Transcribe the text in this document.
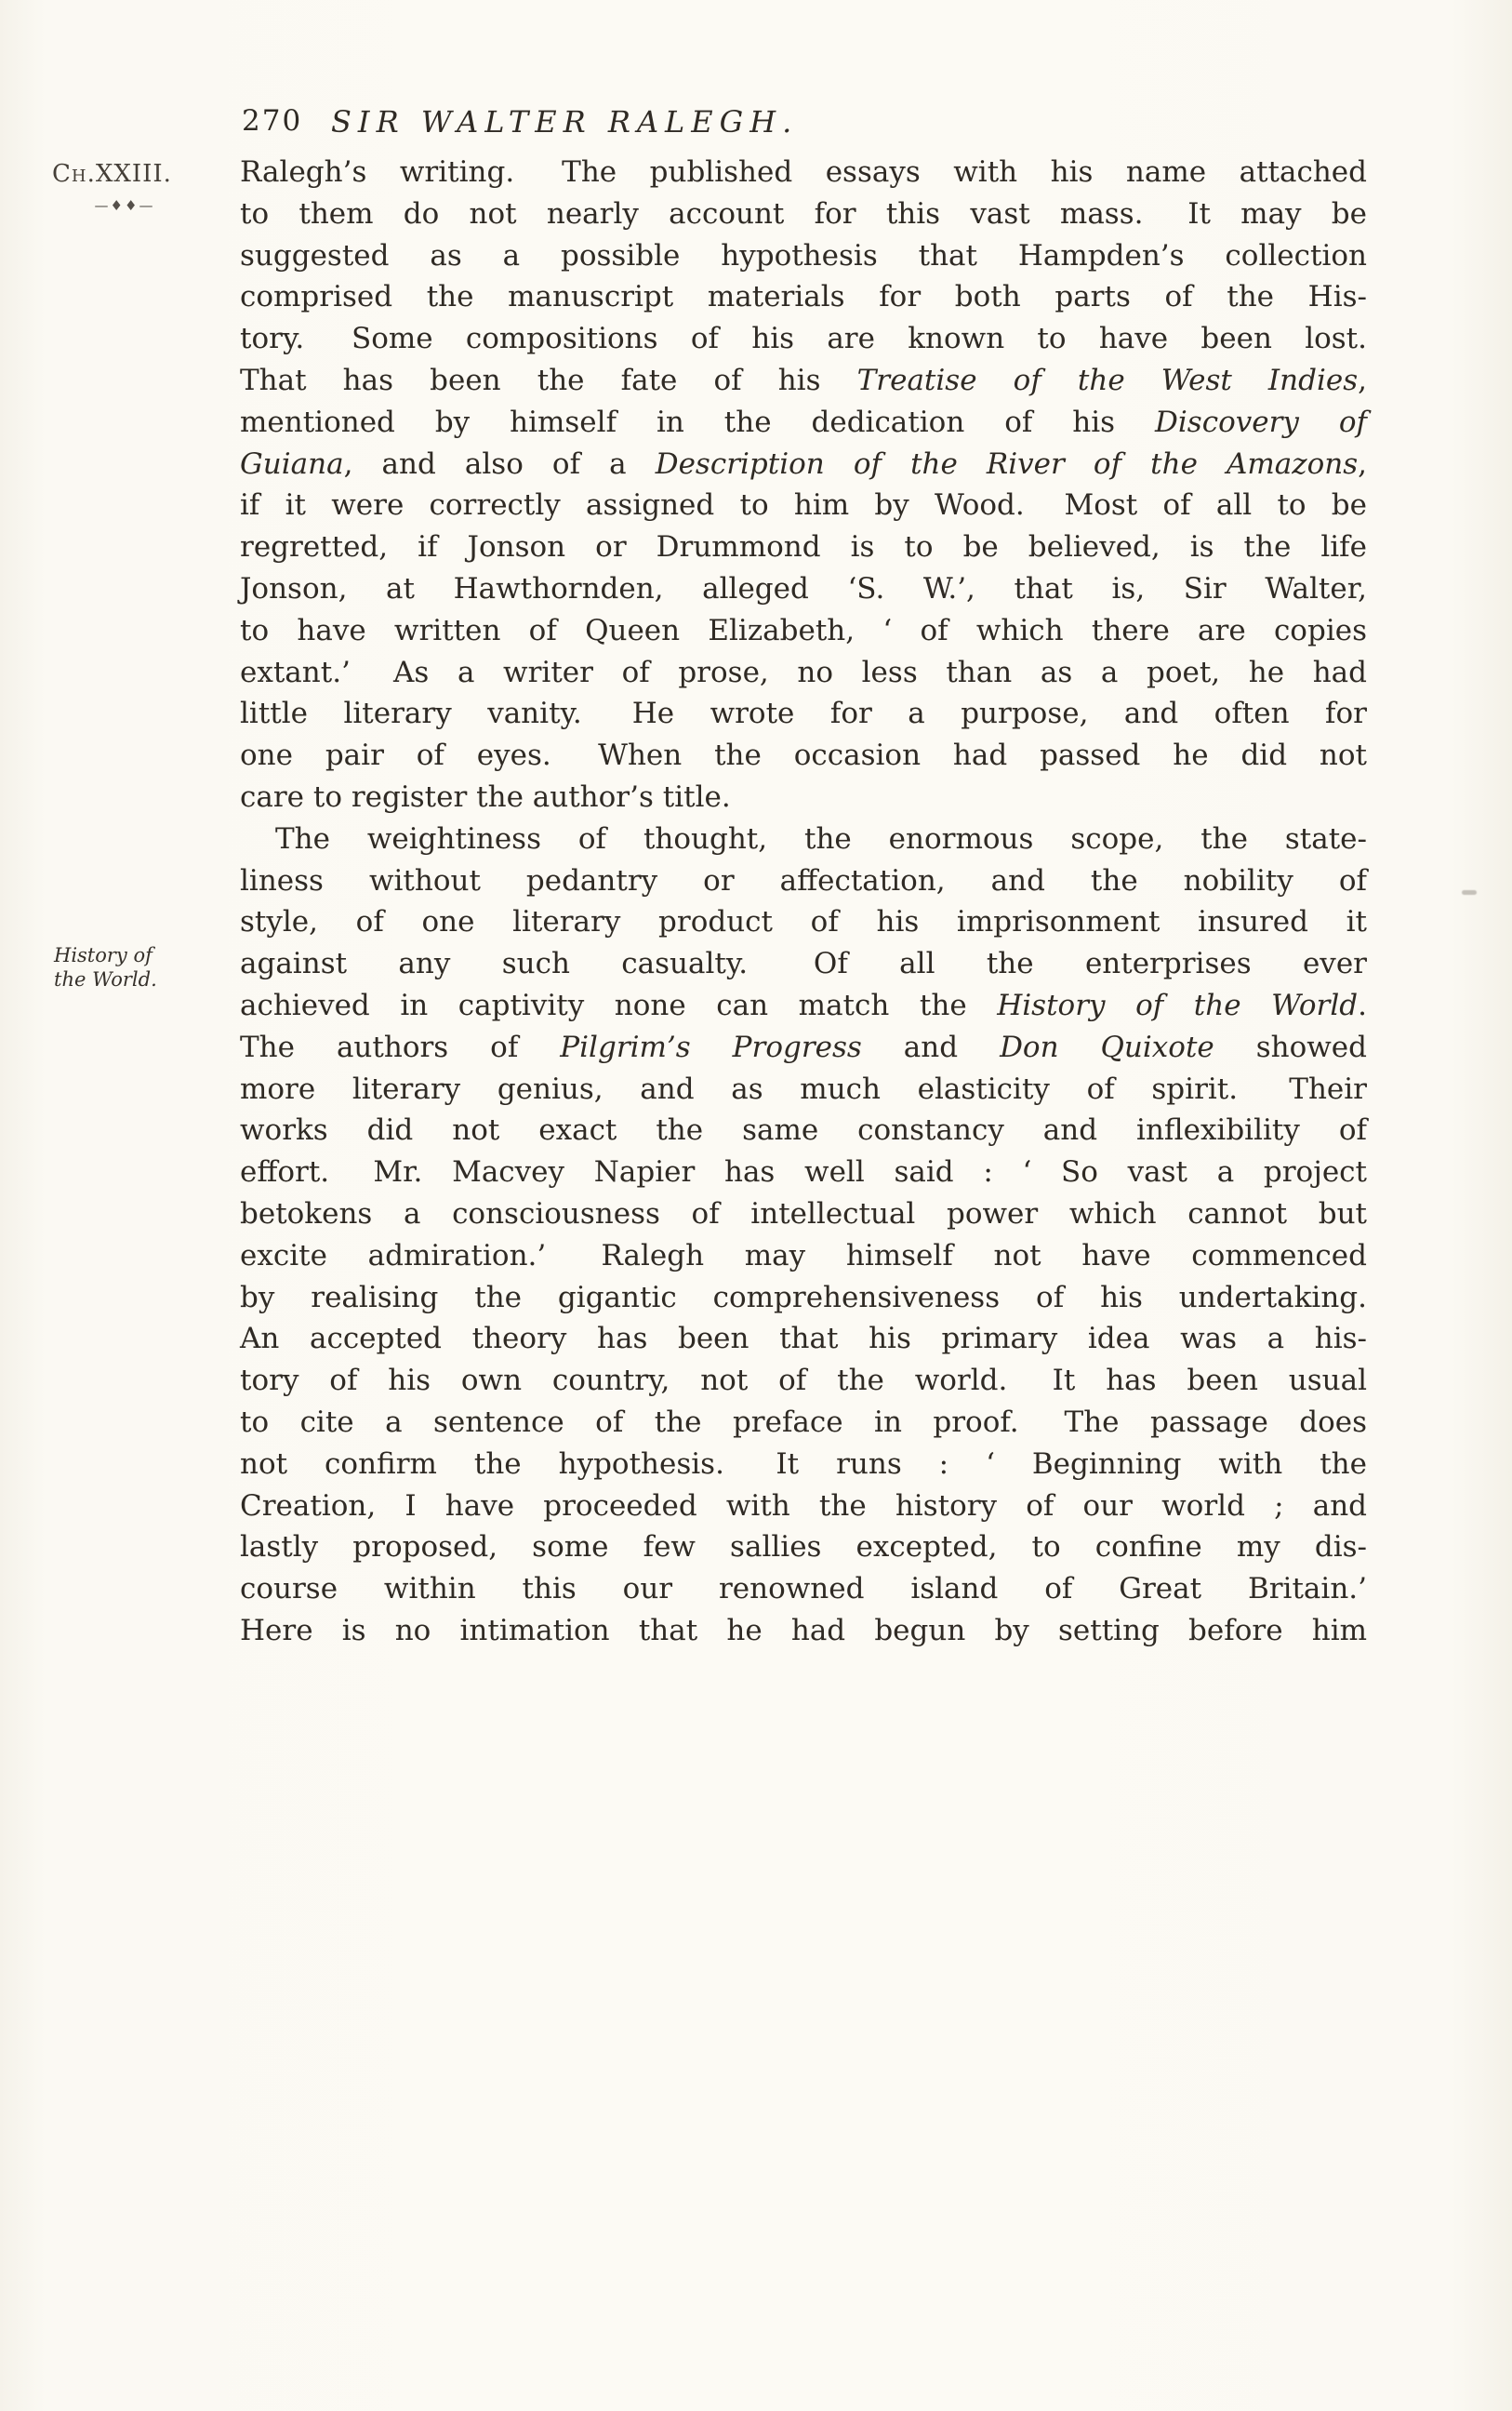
270 SIR WALTER RALEGH.
Ch.XXIII.
—♦♦—
History of
the World.
Ralegh’s writing.  The published essays with his name attached
to them do not nearly account for this vast mass.  It may be
suggested as a possible hypothesis that Hampden’s collection
comprised the manuscript materials for both parts of the His-
tory.  Some compositions of his are known to have been lost.
That has been the fate of his Treatise of the West Indies,
mentioned by himself in the dedication of his Discovery of
Guiana, and also of a Description of the River of the Amazons,
if it were correctly assigned to him by Wood.  Most of all to be
regretted, if Jonson or Drummond is to be believed, is the life
Jonson, at Hawthornden, alleged ‘S. W.’, that is, Sir Walter,
to have written of Queen Elizabeth, ‘ of which there are copies
extant.’  As a writer of prose, no less than as a poet, he had
little literary vanity.  He wrote for a purpose, and often for
one pair of eyes.  When the occasion had passed he did not
care to register the author’s title.
The weightiness of thought, the enormous scope, the state-
liness without pedantry or affectation, and the nobility of
style, of one literary product of his imprisonment insured it
against any such casualty.  Of all the enterprises ever
achieved in captivity none can match the History of the World.
The authors of Pilgrim’s Progress and Don Quixote showed
more literary genius, and as much elasticity of spirit.  Their
works did not exact the same constancy and inflexibility of
effort.  Mr. Macvey Napier has well said : ‘ So vast a project
betokens a consciousness of intellectual power which cannot but
excite admiration.’  Ralegh may himself not have commenced
by realising the gigantic comprehensiveness of his undertaking.
An accepted theory has been that his primary idea was a his-
tory of his own country, not of the world.  It has been usual
to cite a sentence of the preface in proof.  The passage does
not confirm the hypothesis.  It runs : ‘ Beginning with the
Creation, I have proceeded with the history of our world ; and
lastly proposed, some few sallies excepted, to confine my dis-
course within this our renowned island of Great Britain.’
Here is no intimation that he had begun by setting before him
